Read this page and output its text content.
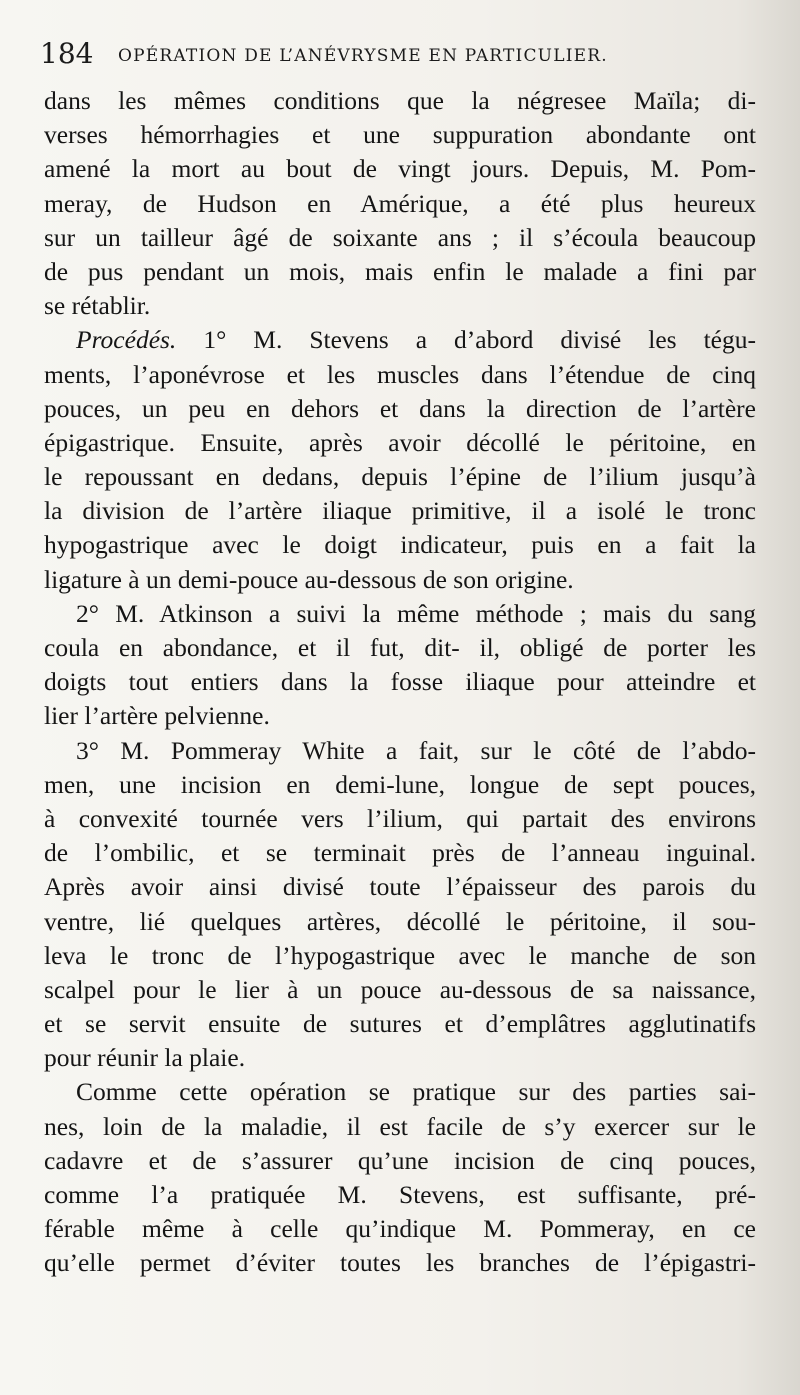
184 OPÉRATION DE L’ANÉVRYSME EN PARTICULIER.
dans les mêmes conditions que la négresee Maïla; di-
verses hémorrhagies et une suppuration abondante ont
amené la mort au bout de vingt jours. Depuis, M. Pom-
meray, de Hudson en Amérique, a été plus heureux
sur un tailleur âgé de soixante ans ; il s’écoula beaucoup
de pus pendant un mois, mais enfin le malade a fini par
se rétablir.
Procédés. 1° M. Stevens a d’abord divisé les tégu-
ments, l’aponévrose et les muscles dans l’étendue de cinq
pouces, un peu en dehors et dans la direction de l’artère
épigastrique. Ensuite, après avoir décollé le péritoine, en
le repoussant en dedans, depuis l’épine de l’ilium jusqu’à
la division de l’artère iliaque primitive, il a isolé le tronc
hypogastrique avec le doigt indicateur, puis en a fait la
ligature à un demi-pouce au-dessous de son origine.
2° M. Atkinson a suivi la même méthode ; mais du sang
coula en abondance, et il fut, dit- il, obligé de porter les
doigts tout entiers dans la fosse iliaque pour atteindre et
lier l’artère pelvienne.
3° M. Pommeray White a fait, sur le côté de l’abdo-
men, une incision en demi-lune, longue de sept pouces,
à convexité tournée vers l’ilium, qui partait des environs
de l’ombilic, et se terminait près de l’anneau inguinal.
Après avoir ainsi divisé toute l’épaisseur des parois du
ventre, lié quelques artères, décollé le péritoine, il sou-
leva le tronc de l’hypogastrique avec le manche de son
scalpel pour le lier à un pouce au-dessous de sa naissance,
et se servit ensuite de sutures et d’emplâtres agglutinatifs
pour réunir la plaie.
Comme cette opération se pratique sur des parties sai-
nes, loin de la maladie, il est facile de s’y exercer sur le
cadavre et de s’assurer qu’une incision de cinq pouces,
comme l’a pratiquée M. Stevens, est suffisante, pré-
férable même à celle qu’indique M. Pommeray, en ce
qu’elle permet d’éviter toutes les branches de l’épigastri-
